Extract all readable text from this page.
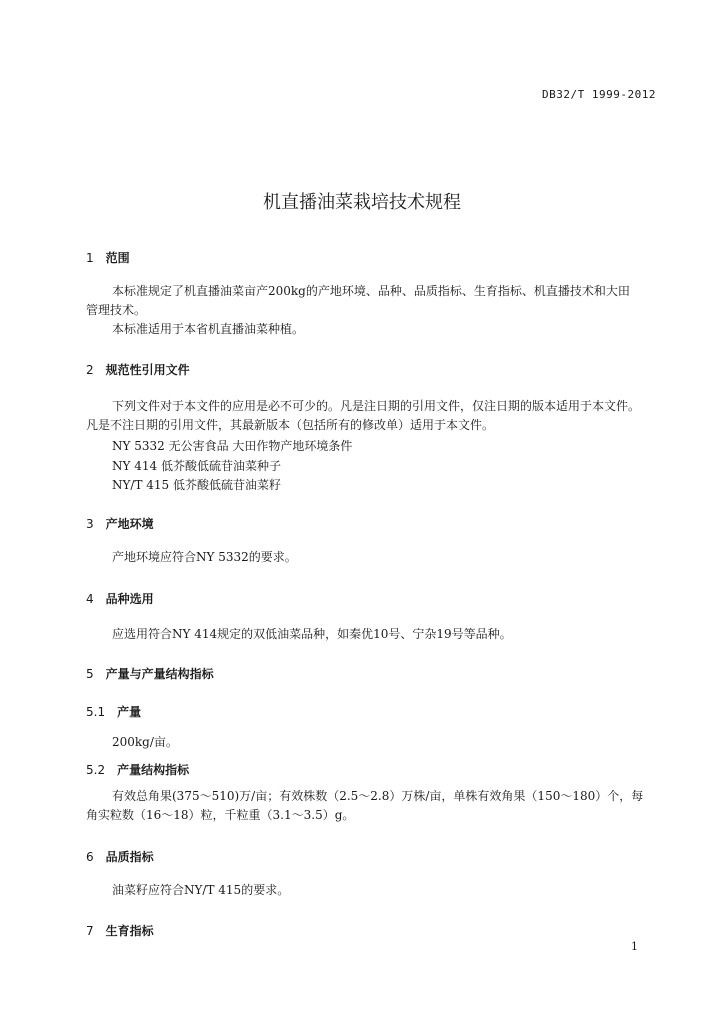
DB32/T 1999-2012
机直播油菜栽培技术规程
1 范围
本标准规定了机直播油菜亩产200kg的产地环境、品种、品质指标、生育指标、机直播技术和大田
管理技术。
本标准适用于本省机直播油菜种植。
2 规范性引用文件
下列文件对于本文件的应用是必不可少的。凡是注日期的引用文件，仅注日期的版本适用于本文件。
凡是不注日期的引用文件，其最新版本（包括所有的修改单）适用于本文件。
NY 5332 无公害食品 大田作物产地环境条件
NY 414 低芥酸低硫苷油菜种子
NY/T 415 低芥酸低硫苷油菜籽
3 产地环境
产地环境应符合NY 5332的要求。
4 品种选用
应选用符合NY 414规定的双低油菜品种，如秦优10号、宁杂19号等品种。
5 产量与产量结构指标
5.1 产量
200kg/亩。
5.2 产量结构指标
有效总角果(375～510)万/亩；有效株数（2.5～2.8）万株/亩，单株有效角果（150～180）个，每
角实粒数（16～18）粒，千粒重（3.1～3.5）g。
6 品质指标
油菜籽应符合NY/T 415的要求。
7 生育指标
1
